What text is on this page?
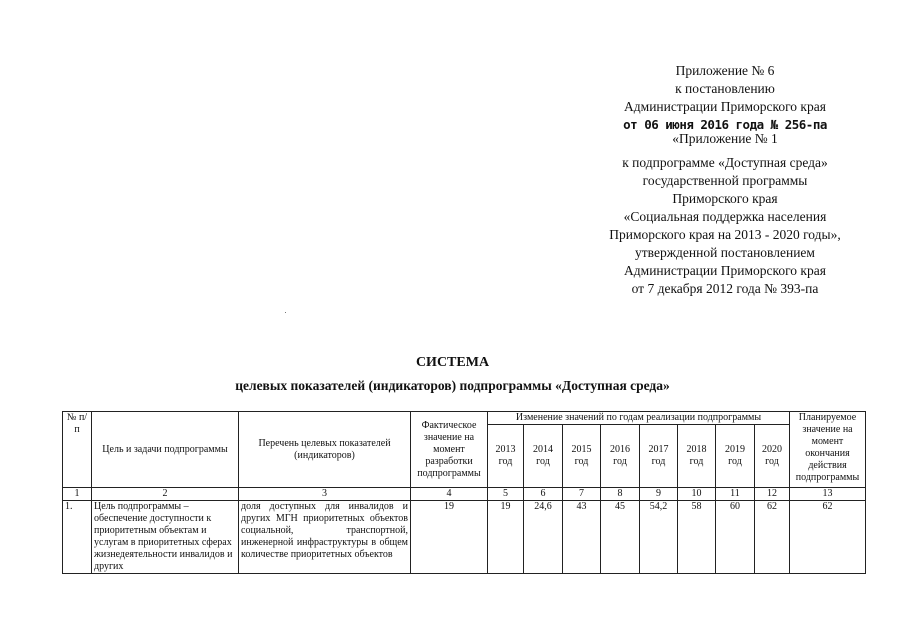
Приложение № 6
к постановлению
Администрации Приморского края
от 06 июня 2016 года № 256-па
«Приложение № 1
к подпрограмме «Доступная среда»
государственной программы
Приморского края
«Социальная поддержка населения
Приморского края на 2013 - 2020 годы»,
утвержденной постановлением
Администрации Приморского края
от 7 декабря 2012 года № 393-па
СИСТЕМА
целевых показателей (индикаторов) подпрограммы «Доступная среда»
№ п/п	Цель и задачи подпрограммы	Перечень целевых показателей (индикаторов)	Фактическое значение на момент разработки подпрограммы	Изменение значений по годам реализации подпрограммы								Планируемое значение на момент окончания действия подпрограммы
				2013 год	2014 год	2015 год	2016 год	2017 год	2018 год	2019 год	2020 год	
1	2	3	4	5	6	7	8	9	10	11	12	13
1.	Цель подпрограммы – обеспечение доступности к приоритетным объектам и услугам в приоритетных сферах жизнедеятельности инвалидов и других	доля доступных для инвалидов и других МГН приоритетных объектов социальной, транспортной, инженерной инфраструктуры в общем количестве приоритетных объектов	19	19	24,6	43	45	54,2	58	60	62	62
